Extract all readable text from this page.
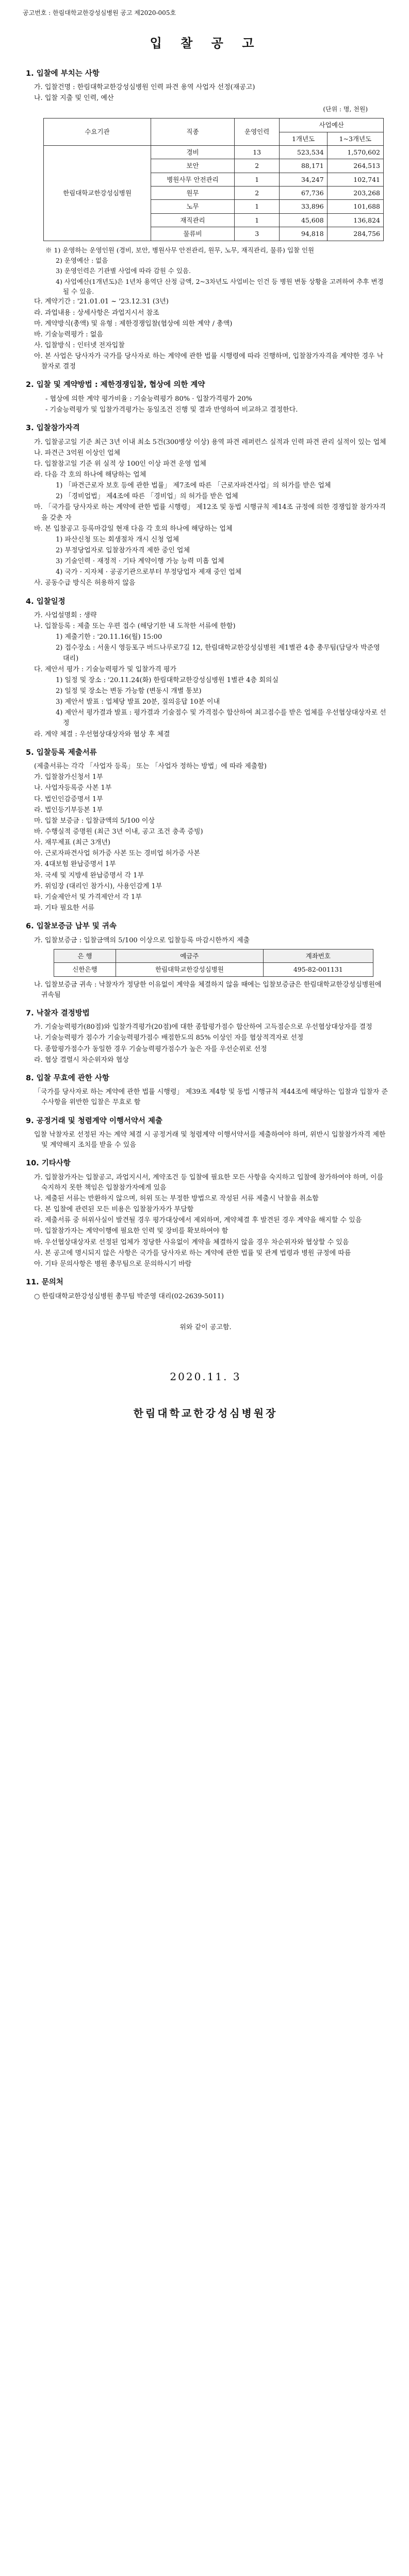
공고번호 : 한림대학교한강성심병원 공고 제2020-005호
입 찰 공 고
1. 입찰에 부치는 사항
가. 입찰건명 : 한림대학교한강성심병원 인력 파견 용역 사업자 선정(재공고)
나. 입찰 지출 및 인력, 예산
(단위 : 명, 천원)
수요기관	직종	운영인력	사업예산	
			1개년도	1~3개년도
한림대학교한강성심병원	경비	13	523,534	1,570,602
	보안	2	88,171	264,513
	병원사무 안전관리	1	34,247	102,741
	원무	2	67,736	203,268
	노무	1	33,896	101,688
	재직관리	1	45,608	136,824
	물류비	3	94,818	284,756
※ 1) 운영하는 운영인원 (경비, 보안, 병원사무 안전관리, 원무, 노무, 재직관리, 물류) 입찰 인원
2) 운영예산 : 없음
3) 운영인력은 기관별 사업에 따라 감원 수 있음.
4) 사업예산(1개년도)은 1년차 용역단 산정 금액, 2~3차년도 사업비는 인건 등 병원 변동 상황을 고려하여 추후 변경될 수 있음.
다. 계약기간 : '21.01.01 ~ '23.12.31 (3년)
라. 과업내용 : 상세사항은 과업지시서 참조
마. 계약방식(총액) 및 유형 : 제한경쟁입찰(협상에 의한 계약 / 총액)
바. 기술능력평가 : 없음
사. 입찰방식 : 인터넷 전자입찰
아. 본 사업은 당사자가 국가를 당사자로 하는 계약에 관한 법률 시행령에 따라 진행하며, 입찰참가자격을 계약한 경우 낙찰자로 결정
2. 입찰 및 계약방법 : 제한경쟁입찰, 협상에 의한 계약
- 협상에 의한 계약 평가비율 : 기술능력평가 80% · 입찰가격평가 20%
- 기술능력평가 및 입찰가격평가는 동일조건 진행 및 결과 반영하여 비교하고 결정한다.
3. 입찰참가자격
가. 입찰공고일 기준 최근 3년 이내 최소 5건(300병상 이상) 용역 파견 레퍼런스 실적과 인력 파견 관리 실적이 있는 업체
나. 파견근 3억원 이상인 업체
다. 입찰참고일 기준 위 실적 상 100인 이상 파견 운영 업체
라. 다음 각 호의 하나에 해당하는 업체
1) 「파견근로자 보호 등에 관한 법률」 제7조에 따른 「근로자파견사업」의 허가를 받은 업체
2) 「경비업법」 제4조에 따른 「경비업」의 허가를 받은 업체
마. 「국가를 당사자로 하는 계약에 관한 법률 시행령」 제12조 및 동법 시행규칙 제14조 규정에 의한 경쟁입찰 참가자격을 갖춘 자
바. 본 입찰공고 등록마감일 현재 다음 각 호의 하나에 해당하는 업체
1) 파산신청 또는 회생절차 개시 신청 업체
2) 부정당업자로 입찰참가자격 제한 중인 업체
3) 기술인력 · 재정적 · 기타 계약이행 가능 능력 미흡 업체
4) 국가 · 지자체 · 공공기관으로부터 부정당업자 제재 중인 업체
사. 공동수급 방식은 허용하지 않음
4. 입찰일정
가. 사업설명회 : 생략
나. 입찰등록 : 제출 또는 우편 접수 (해당기한 내 도착한 서류에 한함)
1) 제출기한 : '20.11.16(월) 15:00
2) 접수장소 : 서울시 영등포구 버드나루로7길 12, 한림대학교한강성심병원 제1별관 4층 총무팀(담당자 박준영 대리)
다. 제안서 평가 : 기술능력평가 및 입찰가격 평가
1) 일정 및 장소 : '20.11.24(화) 한림대학교한강성심병원 1별관 4층 회의실
2) 일정 및 장소는 변동 가능함 (변동시 개별 통보)
3) 제안서 발표 : 업체당 발표 20분, 질의응답 10분 이내
4) 제안서 평가결과 발표 : 평가결과 기술점수 및 가격점수 합산하여 최고점수를 받은 업체를 우선협상대상자로 선정
라. 계약 체결 : 우선협상대상자와 협상 후 체결
5. 입찰등록 제출서류
(제출서류는 각각 「사업자 등록」 또는 「사업자 정하는 방법」에 따라 제출함)
가. 입찰참가신청서 1부
나. 사업자등록증 사본 1부
다. 법인인감증명서 1부
라. 법인등기부등본 1부
마. 입찰 보증금 : 입찰금액의 5/100 이상
바. 수행실적 증명원 (최근 3년 이내, 공고 조건 충족 증빙)
사. 재무제표 (최근 3개년)
아. 근로자파견사업 허가증 사본 또는 경비업 허가증 사본
자. 4대보험 완납증명서 1부
차. 국세 및 지방세 완납증명서 각 1부
카. 위임장 (대리인 참가시), 사용인감계 1부
타. 기술제안서 및 가격제안서 각 1부
파. 기타 필요한 서류
6. 입찰보증금 납부 및 귀속
가. 입찰보증금 : 입찰금액의 5/100 이상으로 입찰등록 마감시한까지 제출
은 행	예금주	계좌번호
신한은행	한림대학교한강성심병원	495-82-001131
나. 입찰보증금 귀속 : 낙찰자가 정당한 이유없이 계약을 체결하지 않을 때에는 입찰보증금은 한림대학교한강성심병원에 귀속됨
7. 낙찰자 결정방법
가. 기술능력평가(80점)와 입찰가격평가(20점)에 대한 종합평가점수 합산하여 고득점순으로 우선협상대상자를 결정
나. 기술능력평가 점수가 기술능력평가점수 배점한도의 85% 이상인 자를 협상적격자로 선정
다. 종합평가점수가 동일한 경우 기술능력평가점수가 높은 자를 우선순위로 선정
라. 협상 결렬시 차순위자와 협상
8. 입찰 무효에 관한 사항
「국가를 당사자로 하는 계약에 관한 법률 시행령」 제39조 제4항 및 동법 시행규칙 제44조에 해당하는 입찰과 입찰자 준수사항을 위반한 입찰은 무효로 함
9. 공정거래 및 청렴계약 이행서약서 제출
입찰 낙찰자로 선정된 자는 계약 체결 시 공정거래 및 청렴계약 이행서약서를 제출하여야 하며, 위반시 입찰참가자격 제한 및 계약해지 조치를 받을 수 있음
10. 기타사항
가. 입찰참가자는 입찰공고, 과업지시서, 계약조건 등 입찰에 필요한 모든 사항을 숙지하고 입찰에 참가하여야 하며, 이를 숙지하지 못한 책임은 입찰참가자에게 있음
나. 제출된 서류는 반환하지 않으며, 허위 또는 부정한 방법으로 작성된 서류 제출시 낙찰을 취소함
다. 본 입찰에 관련된 모든 비용은 입찰참가자가 부담함
라. 제출서류 중 허위사실이 발견될 경우 평가대상에서 제외하며, 계약체결 후 발견된 경우 계약을 해지할 수 있음
마. 입찰참가자는 계약이행에 필요한 인력 및 장비를 확보하여야 함
바. 우선협상대상자로 선정된 업체가 정당한 사유없이 계약을 체결하지 않을 경우 차순위자와 협상할 수 있음
사. 본 공고에 명시되지 않은 사항은 국가를 당사자로 하는 계약에 관한 법률 및 관계 법령과 병원 규정에 따름
아. 기타 문의사항은 병원 총무팀으로 문의하시기 바람
11. 문의처
○ 한림대학교한강성심병원 총무팀 박준영 대리(02-2639-5011)
위와 같이 공고함.
2020.11. 3
한림대학교한강성심병원장
